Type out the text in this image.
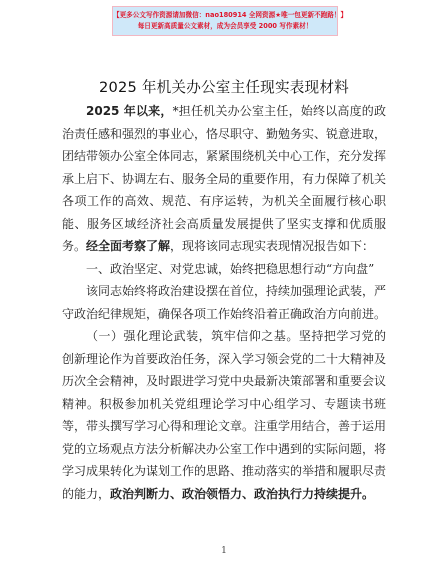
【更多公文写作资源请加微信：nao180914 全网资源★唯一包更新不跑路！】
每日更新高质量公文素材，成为会员享受 2000 写作素材！
2025 年机关办公室主任现实表现材料

2025 年以来，*担任机关办公室主任，始终以高度的政治责任感和强烈的事业心，恪尽职守、勤勉务实、锐意进取，团结带领办公室全体同志，紧紧围绕机关中心工作，充分发挥承上启下、协调左右、服务全局的重要作用，有力保障了机关各项工作的高效、规范、有序运转，为机关全面履行核心职能、服务区域经济社会高质量发展提供了坚实支撑和优质服务。经全面考察了解，现将该同志现实表现情况报告如下：

一、政治坚定、对党忠诚，始终把稳思想行动“方向盘”

该同志始终将政治建设摆在首位，持续加强理论武装，严守政治纪律规矩，确保各项工作始终沿着正确政治方向前进。

（一）强化理论武装，筑牢信仰之基。坚持把学习党的创新理论作为首要政治任务，深入学习领会党的二十大精神及历次全会精神，及时跟进学习党中央最新决策部署和重要会议精神。积极参加机关党组理论学习中心组学习、专题读书班等，带头撰写学习心得和理论文章。注重学用结合，善于运用党的立场观点方法分析解决办公室工作中遇到的实际问题，将学习成果转化为谋划工作的思路、推动落实的举措和履职尽责的能力，政治判断力、政治领悟力、政治执行力持续提升。

1
